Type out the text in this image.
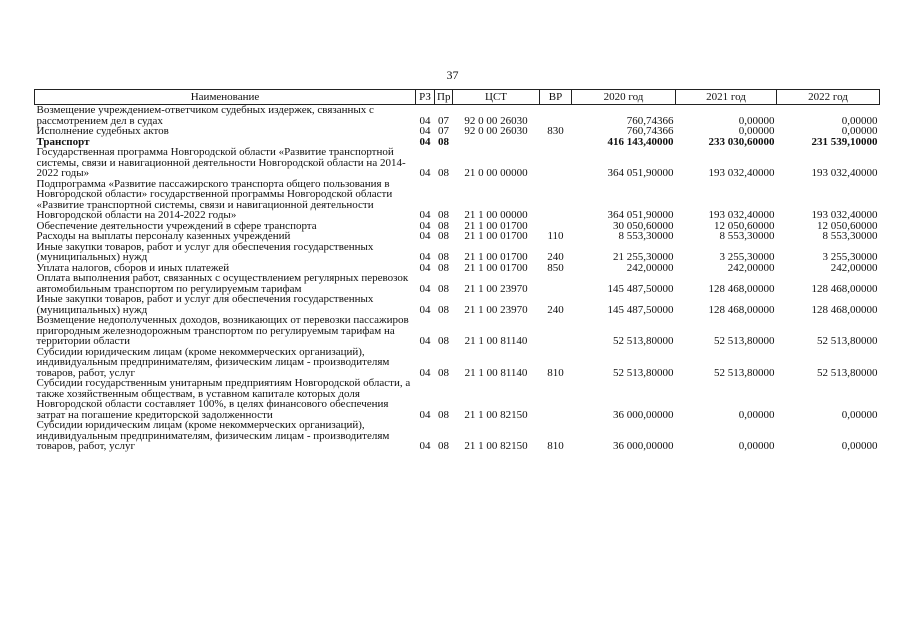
37
Наименование	РЗ	Пр	ЦСТ	ВР	2020 год	2021 год	2022 год
Возмещение учреждением-ответчиком судебных издержек, связанных с рассмотрением дел в судах	04	07	92 0 00 26030		760,74366	0,00000	0,00000
Исполнение судебных актов	04	07	92 0 00 26030	830	760,74366	0,00000	0,00000
Транспорт	04	08			416 143,40000	233 030,60000	231 539,10000
Государственная программа Новгородской области «Развитие транспортной системы, связи и навигационной деятельности Новгородской области на 2014-2022 годы»	04	08	21 0 00 00000		364 051,90000	193 032,40000	193 032,40000
Подпрограмма «Развитие пассажирского транспорта общего пользования в Новгородской области» государственной программы Новгородской области «Развитие транспортной системы, связи и навигационной деятельности Новгородской области на 2014-2022 годы»	04	08	21 1 00 00000		364 051,90000	193 032,40000	193 032,40000
Обеспечение деятельности учреждений в сфере транспорта	04	08	21 1 00 01700		30 050,60000	12 050,60000	12 050,60000
Расходы на выплаты персоналу казенных учреждений	04	08	21 1 00 01700	110	8 553,30000	8 553,30000	8 553,30000
Иные закупки товаров, работ и услуг для обеспечения государственных (муниципальных) нужд	04	08	21 1 00 01700	240	21 255,30000	3 255,30000	3 255,30000
Уплата налогов, сборов и иных платежей	04	08	21 1 00 01700	850	242,00000	242,00000	242,00000
Оплата выполнения работ, связанных с осуществлением регулярных перевозок автомобильным транспортом по регулируемым тарифам	04	08	21 1 00 23970		145 487,50000	128 468,00000	128 468,00000
Иные закупки товаров, работ и услуг для обеспечения государственных (муниципальных) нужд	04	08	21 1 00 23970	240	145 487,50000	128 468,00000	128 468,00000
Возмещение недополученных доходов, возникающих от перевозки пассажиров пригородным железнодорожным транспортом по регулируемым тарифам на территории области	04	08	21 1 00 81140		52 513,80000	52 513,80000	52 513,80000
Субсидии юридическим лицам (кроме некоммерческих организаций), индивидуальным предпринимателям, физическим лицам - производителям товаров, работ, услуг	04	08	21 1 00 81140	810	52 513,80000	52 513,80000	52 513,80000
Субсидии государственным унитарным предприятиям Новгородской области, а также хозяйственным обществам, в уставном капитале которых доля Новгородской области составляет 100%, в целях финансового обеспечения затрат на погашение кредиторской задолженности	04	08	21 1 00 82150		36 000,00000	0,00000	0,00000
Субсидии юридическим лицам (кроме некоммерческих организаций), индивидуальным предпринимателям, физическим лицам - производителям товаров, работ, услуг	04	08	21 1 00 82150	810	36 000,00000	0,00000	0,00000
